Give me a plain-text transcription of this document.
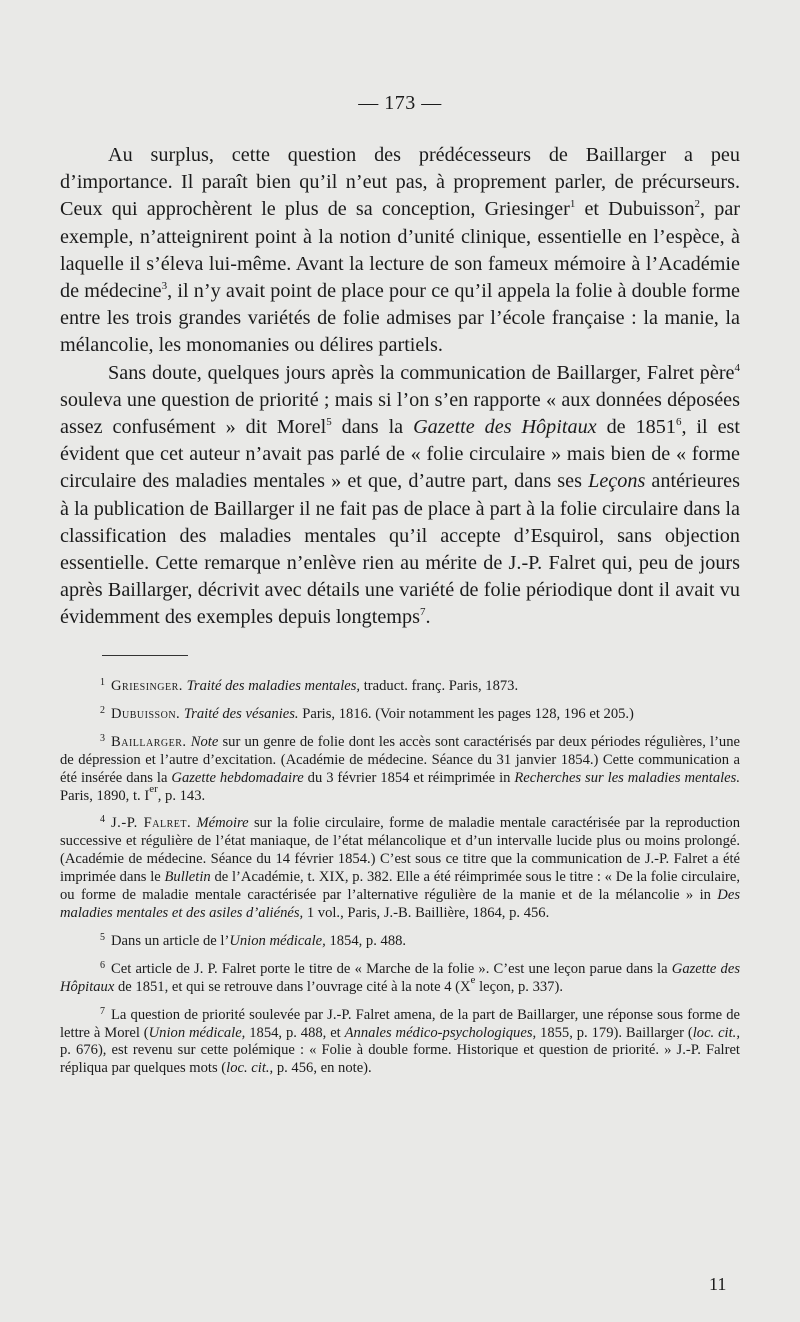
— 173 —

Au surplus, cette question des prédécesseurs de Baillarger a peu d’importance. Il paraît bien qu’il n’eut pas, à proprement parler, de précurseurs. Ceux qui approchèrent le plus de sa conception, Griesinger$^1$ et Dubuisson$^2$, par exemple, n’atteignirent point à la notion d’unité clinique, essentielle en l’espèce, à laquelle il s’éleva lui-même. Avant la lecture de son fameux mémoire à l’Académie de médecine$^3$, il n’y avait point de place pour ce qu’il appela la folie à double forme entre les trois grandes variétés de folie admises par l’école française : la manie, la mélancolie, les monomanies ou délires partiels.

Sans doute, quelques jours après la communication de Baillarger, Falret père$^4$ souleva une question de priorité ; mais si l’on s’en rapporte « aux données déposées assez confusément » dit Morel$^5$ dans la Gazette des Hôpitaux de 1851$^6$, il est évident que cet auteur n’avait pas parlé de « folie circulaire » mais bien de « forme circulaire des maladies mentales » et que, d’autre part, dans ses Leçons antérieures à la publication de Baillarger il ne fait pas de place à part à la folie circulaire dans la classification des maladies mentales qu’il accepte d’Esquirol, sans objection essentielle. Cette remarque n’enlève rien au mérite de J.-P. Falret qui, peu de jours après Baillarger, décrivit avec détails une variété de folie périodique dont il avait vu évidemment des exemples depuis longtemps$^7$.

$^1$ Griesinger. Traité des maladies mentales, traduct. franç. Paris, 1873.

$^2$ Dubuisson. Traité des vésanies. Paris, 1816. (Voir notamment les pages 128, 196 et 205.)

$^3$ Baillarger. Note sur un genre de folie dont les accès sont caractérisés par deux périodes régulières, l’une de dépression et l’autre d’excitation. (Académie de médecine. Séance du 31 janvier 1854.) Cette communication a été insérée dans la Gazette hebdomadaire du 3 février 1854 et réimprimée in Recherches sur les maladies mentales. Paris, 1890, t. Ier, p. 143.

$^4$ J.-P. Falret. Mémoire sur la folie circulaire, forme de maladie mentale caractérisée par la reproduction successive et régulière de l’état maniaque, de l’état mélancolique et d’un intervalle lucide plus ou moins prolongé. (Académie de médecine. Séance du 14 février 1854.) C’est sous ce titre que la communication de J.-P. Falret a été imprimée dans le Bulletin de l’Académie, t. XIX, p. 382. Elle a été réimprimée sous le titre : « De la folie circulaire, ou forme de maladie mentale caractérisée par l’alternative régulière de la manie et de la mélancolie » in Des maladies mentales et des asiles d’aliénés, 1 vol., Paris, J.-B. Baillière, 1864, p. 456.

$^5$ Dans un article de l’Union médicale, 1854, p. 488.

$^6$ Cet article de J. P. Falret porte le titre de « Marche de la folie ». C’est une leçon parue dans la Gazette des Hôpitaux de 1851, et qui se retrouve dans l’ouvrage cité à la note 4 (Xe leçon, p. 337).

$^7$ La question de priorité soulevée par J.-P. Falret amena, de la part de Baillarger, une réponse sous forme de lettre à Morel (Union médicale, 1854, p. 488, et Annales médico-psychologiques, 1855, p. 179). Baillarger (loc. cit., p. 676), est revenu sur cette polémique : « Folie à double forme. Historique et question de priorité. » J.-P. Falret répliqua par quelques mots (loc. cit., p. 456, en note).

11
